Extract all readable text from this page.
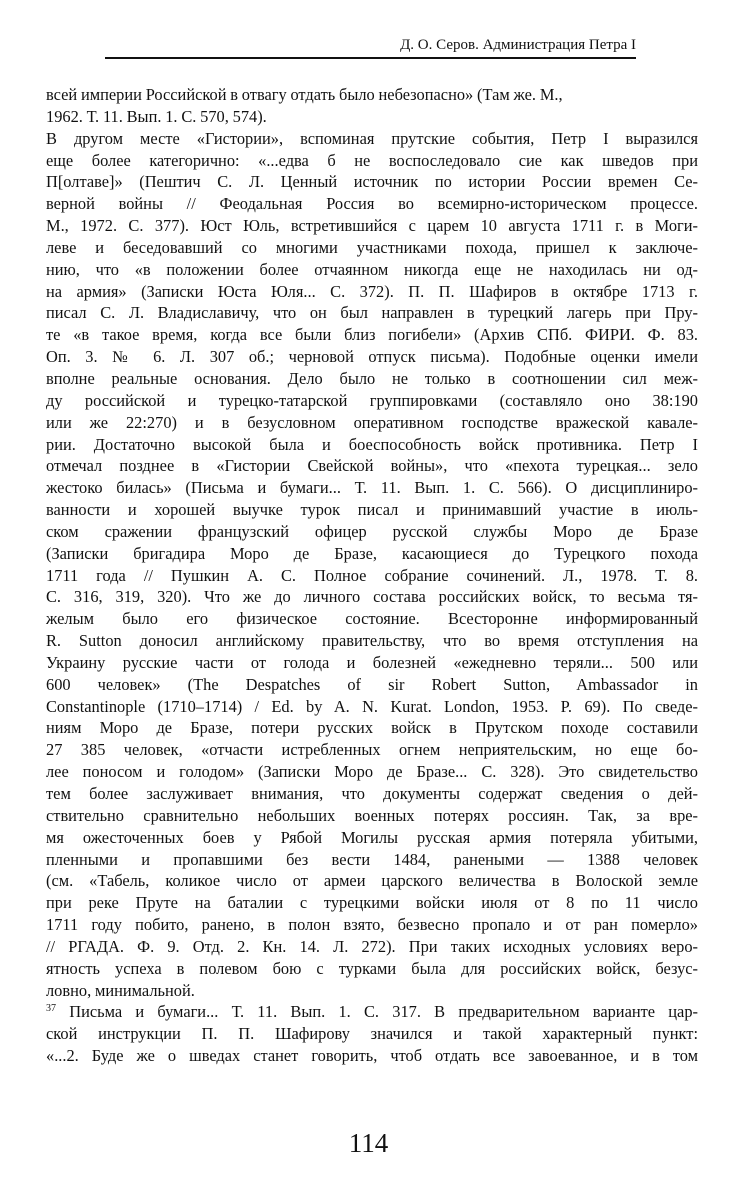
Д. О. Серов. Администрация Петра I
всей империи Российской в отвагу отдать было небезопасно» (Там же. М.,
1962. Т. 11. Вып. 1. С. 570, 574).
В другом месте «Гистории», вспоминая прутские события, Петр I выразился
еще более категорично: «...едва б не воспоследовало сие как шведов при
П[олтаве]» (Пештич С. Л. Ценный источник по истории России времен Се-
верной войны // Феодальная Россия во всемирно-историческом процессе.
М., 1972. С. 377). Юст Юль, встретившийся с царем 10 августа 1711 г. в Моги-
леве и беседовавший со многими участниками похода, пришел к заключе-
нию, что «в положении более отчаянном никогда еще не находилась ни од-
на армия» (Записки Юста Юля... С. 372). П. П. Шафиров в октябре 1713 г.
писал С. Л. Владиславичу, что он был направлен в турецкий лагерь при Пру-
те «в такое время, когда все были близ погибели» (Архив СПб. ФИРИ. Ф. 83.
Оп. 3. № 6. Л. 307 об.; черновой отпуск письма). Подобные оценки имели
вполне реальные основания. Дело было не только в соотношении сил меж-
ду российской и турецко-татарской группировками (составляло оно 38:190
или же 22:270) и в безусловном оперативном господстве вражеской кавале-
рии. Достаточно высокой была и боеспособность войск противника. Петр I
отмечал позднее в «Гистории Свейской войны», что «пехота турецкая... зело
жестоко билась» (Письма и бумаги... Т. 11. Вып. 1. С. 566). О дисциплиниро-
ванности и хорошей выучке турок писал и принимавший участие в июль-
ском сражении французский офицер русской службы Моро де Бразе
(Записки бригадира Моро де Бразе, касающиеся до Турецкого похода
1711 года // Пушкин А. С. Полное собрание сочинений. Л., 1978. Т. 8.
С. 316, 319, 320). Что же до личного состава российских войск, то весьма тя-
желым было его физическое состояние. Всесторонне информированный
R. Sutton доносил английскому правительству, что во время отступления на
Украину русские части от голода и болезней «ежедневно теряли... 500 или
600 человек» (The Despatches of sir Robert Sutton, Ambassador in
Constantinople (1710–1714) / Ed. by A. N. Kurat. London, 1953. P. 69). По сведе-
ниям Моро де Бразе, потери русских войск в Прутском походе составили
27 385 человек, «отчасти истребленных огнем неприятельским, но еще бо-
лее поносом и голодом» (Записки Моро де Бразе... С. 328). Это свидетельство
тем более заслуживает внимания, что документы содержат сведения о дей-
ствительно сравнительно небольших военных потерях россиян. Так, за вре-
мя ожесточенных боев у Рябой Могилы русская армия потеряла убитыми,
пленными и пропавшими без вести 1484, ранеными — 1388 человек
(см. «Табель, коликое число от армеи царского величества в Волоской земле
при реке Пруте на баталии с турецкими войски июля от 8 по 11 число
1711 году побито, ранено, в полон взято, безвесно пропало и от ран померло»
// РГАДА. Ф. 9. Отд. 2. Кн. 14. Л. 272). При таких исходных условиях веро-
ятность успеха в полевом бою с турками была для российских войск, безус-
ловно, минимальной.
$^{37}$ Письма и бумаги... Т. 11. Вып. 1. С. 317. В предварительном варианте цар-
ской инструкции П. П. Шафирову значился и такой характерный пункт:
«...2. Буде же о шведах станет говорить, чтоб отдать все завоеванное, и в том
114
